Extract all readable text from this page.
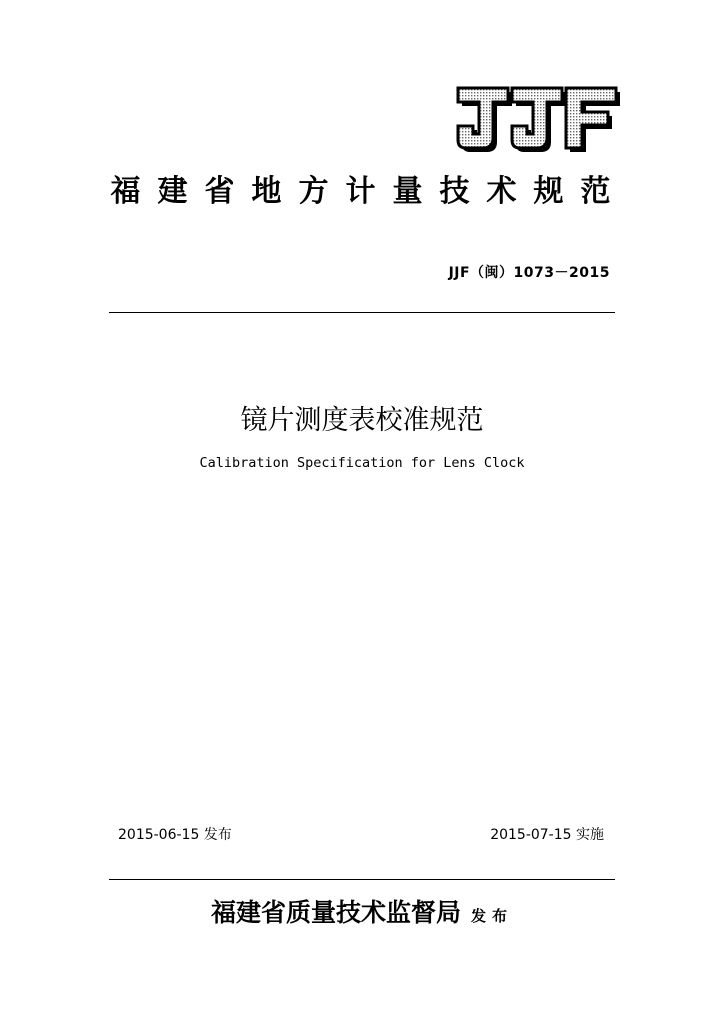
福建省地方计量技术规范
JJF（闽）1073－2015
镜片测度表校准规范
Calibration Specification for Lens Clock
2015-06-15 发布	2015-07-15 实施
福建省质量技术监督局 发布
